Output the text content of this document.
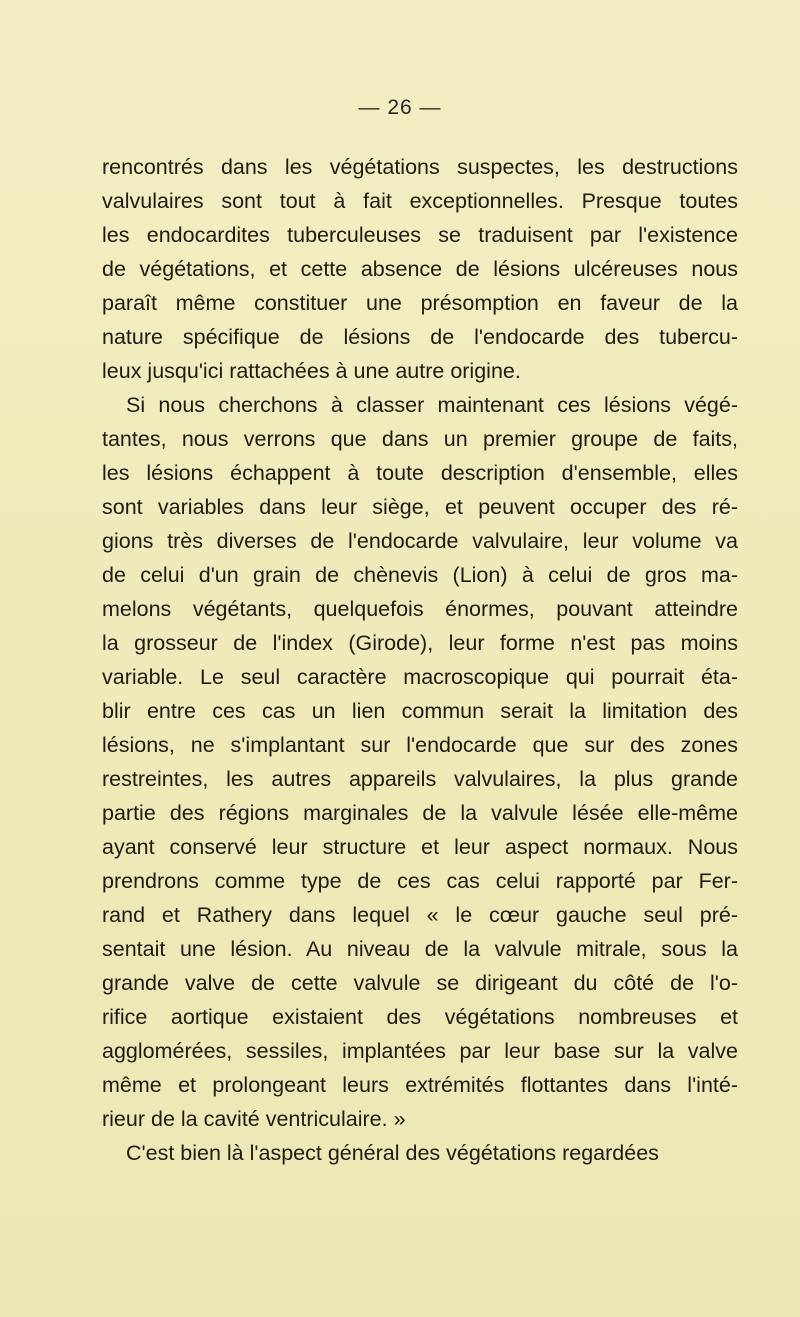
— 26 —
rencontrés dans les végétations suspectes, les destructions
valvulaires sont tout à fait exceptionnelles. Presque toutes
les endocardites tuberculeuses se traduisent par l'existence
de végétations, et cette absence de lésions ulcéreuses nous
paraît même constituer une présomption en faveur de la
nature spécifique de lésions de l'endocarde des tubercu-
leux jusqu'ici rattachées à une autre origine.
Si nous cherchons à classer maintenant ces lésions végé-
tantes, nous verrons que dans un premier groupe de faits,
les lésions échappent à toute description d'ensemble, elles
sont variables dans leur siège, et peuvent occuper des ré-
gions très diverses de l'endocarde valvulaire, leur volume va
de celui d'un grain de chènevis (Lion) à celui de gros ma-
melons végétants, quelquefois énormes, pouvant atteindre
la grosseur de l'index (Girode), leur forme n'est pas moins
variable. Le seul caractère macroscopique qui pourrait éta-
blir entre ces cas un lien commun serait la limitation des
lésions, ne s'implantant sur l'endocarde que sur des zones
restreintes, les autres appareils valvulaires, la plus grande
partie des régions marginales de la valvule lésée elle-même
ayant conservé leur structure et leur aspect normaux. Nous
prendrons comme type de ces cas celui rapporté par Fer-
rand et Rathery dans lequel « le cœur gauche seul pré-
sentait une lésion. Au niveau de la valvule mitrale, sous la
grande valve de cette valvule se dirigeant du côté de l'o-
rifice aortique existaient des végétations nombreuses et
agglomérées, sessiles, implantées par leur base sur la valve
même et prolongeant leurs extrémités flottantes dans l'inté-
rieur de la cavité ventriculaire. »
C'est bien là l'aspect général des végétations regardées
